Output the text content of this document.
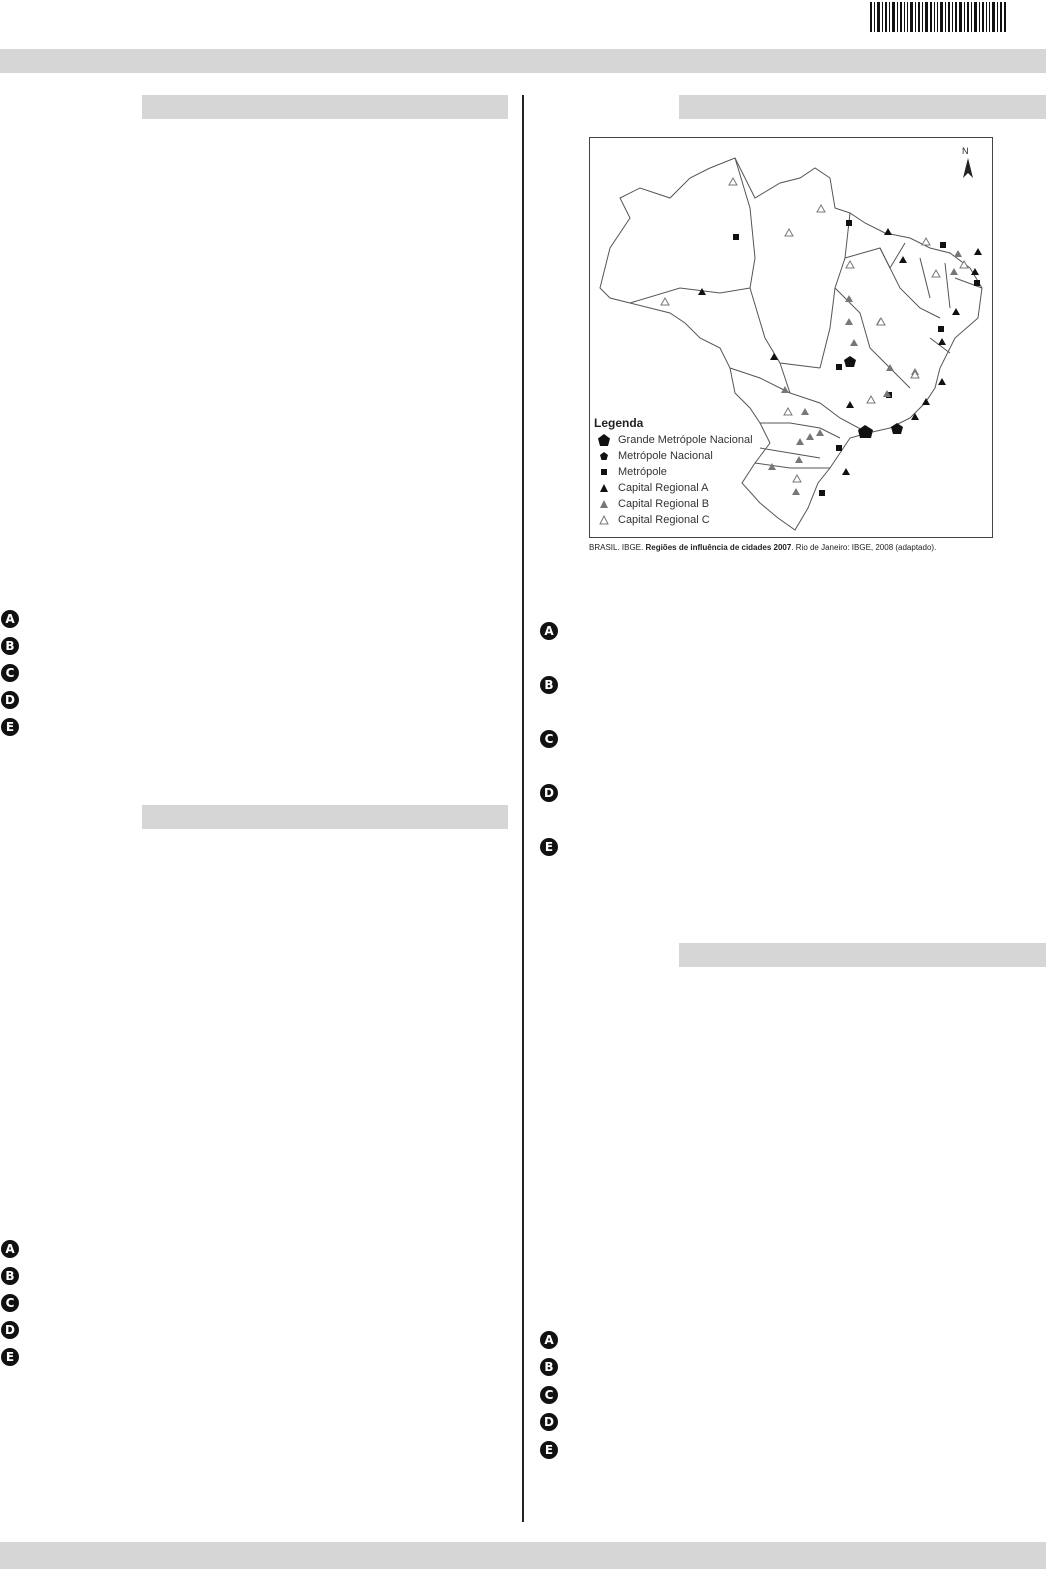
A
B
C
D
E
A
B
C
D
E
N
Legenda
Grande Metrópole Nacional
Metrópole Nacional
Metrópole
Capital Regional A
Capital Regional B
Capital Regional C
BRASIL. IBGE. Regiões de influência de cidades 2007. Rio de Janeiro: IBGE, 2008 (adaptado).
A
B
C
D
E
A
B
C
D
E
